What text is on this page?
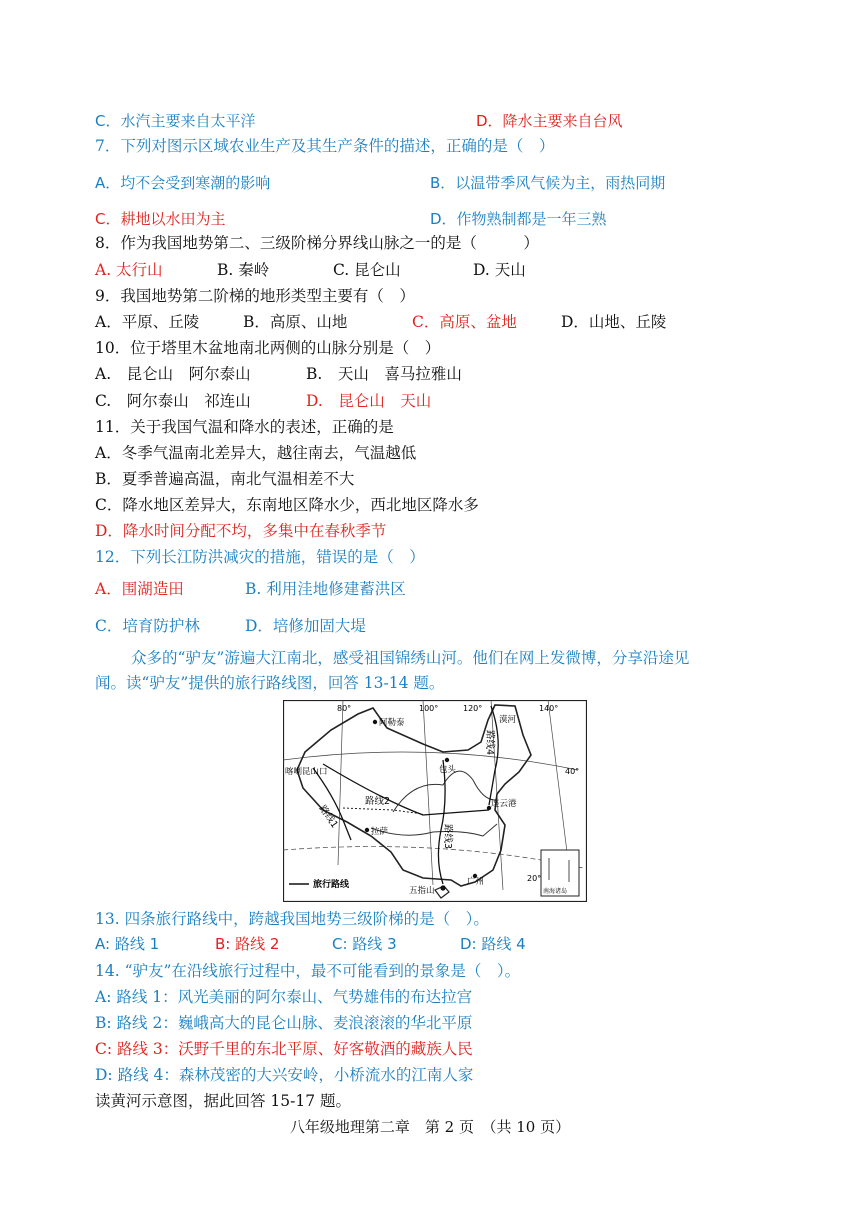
C．水汽主要来自太平洋	D．降水主要来自台风
7．下列对图示区域农业生产及其生产条件的描述，正确的是（　）
A．均不会受到寒潮的影响	B．以温带季风气候为主，雨热同期
C．耕地以水田为主	D．作物熟制都是一年三熟
8．作为我国地势第二、三级阶梯分界线山脉之一的是（　　　）
A. 太行山	B. 秦岭	C. 昆仑山	D. 天山
9．我国地势第二阶梯的地形类型主要有（　）
A．平原、丘陵	B．高原、山地	C．高原、盆地	D．山地、丘陵
10．位于塔里木盆地南北两侧的山脉分别是（　）
A.　昆仑山　阿尔泰山	B.　天山　喜马拉雅山
C.　阿尔泰山　祁连山	D.　昆仑山　天山
11．关于我国气温和降水的表述，正确的是
A．冬季气温南北差异大，越往南去，气温越低
B．夏季普遍高温，南北气温相差不大
C．降水地区差异大，东南地区降水少，西北地区降水多
D．降水时间分配不均，多集中在春秋季节
12．下列长江防洪减灾的措施，错误的是（　）
A．围湖造田	B. 利用洼地修建蓄洪区
C．培育防护林	D．培修加固大堤
众多的“驴友”游遍大江南北，感受祖国锦绣山河。他们在网上发微博，分享沿途见
闻。读“驴友”提供的旅行路线图，回答 13-14 题。
80°	100°	120°	140°
40°
20°
阿勒泰
包头
漠河
喀喇昆山口
连云港
拉萨
广州
五指山
路线1
路线2
路线3
路线4
旅行路线
南海诸岛
13. 四条旅行路线中，跨越我国地势三级阶梯的是（　）。
A: 路线 1	B: 路线 2	C: 路线 3	D: 路线 4
14. “驴友”在沿线旅行过程中，最不可能看到的景象是（　）。
A: 路线 1：风光美丽的阿尔泰山、气势雄伟的布达拉宫
B: 路线 2：巍峨高大的昆仑山脉、麦浪滚滚的华北平原
C: 路线 3：沃野千里的东北平原、好客敬酒的藏族人民
D: 路线 4：森林茂密的大兴安岭，小桥流水的江南人家
读黄河示意图，据此回答 15-17 题。
八年级地理第二章　第 2 页　（共 10 页）
